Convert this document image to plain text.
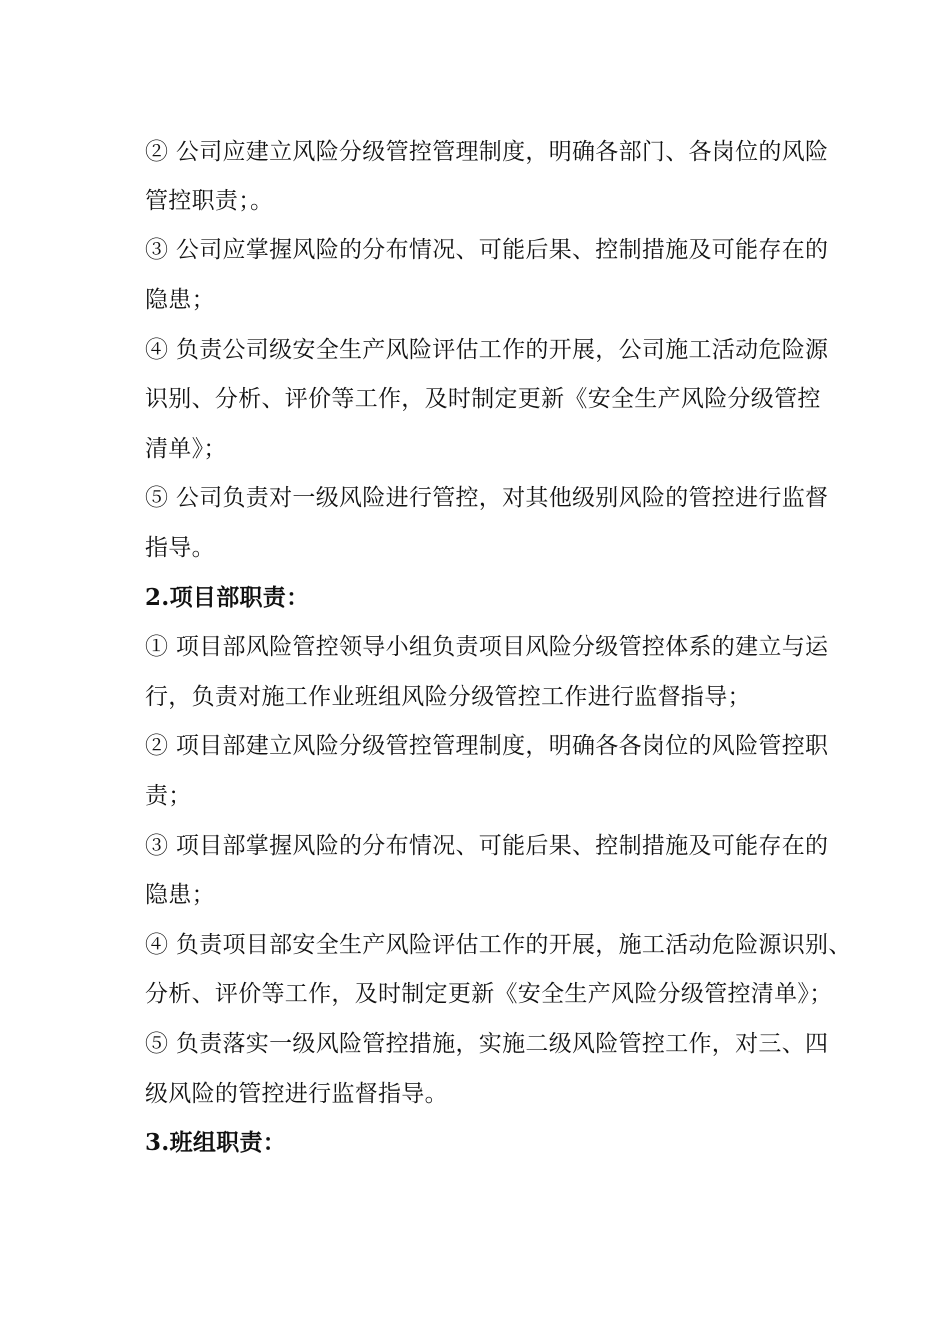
② 公司应建立风险分级管控管理制度，明确各部门、各岗位的风险
管控职责；。
③ 公司应掌握风险的分布情况、可能后果、控制措施及可能存在的
隐患；
④ 负责公司级安全生产风险评估工作的开展，公司施工活动危险源
识别、分析、评价等工作，及时制定更新《安全生产风险分级管控
清单》；
⑤ 公司负责对一级风险进行管控，对其他级别风险的管控进行监督
指导。
2.项目部职责：
① 项目部风险管控领导小组负责项目风险分级管控体系的建立与运
行，负责对施工作业班组风险分级管控工作进行监督指导；
② 项目部建立风险分级管控管理制度，明确各各岗位的风险管控职
责；
③ 项目部掌握风险的分布情况、可能后果、控制措施及可能存在的
隐患；
④ 负责项目部安全生产风险评估工作的开展，施工活动危险源识别、
分析、评价等工作，及时制定更新《安全生产风险分级管控清单》；
⑤ 负责落实一级风险管控措施，实施二级风险管控工作，对三、四
级风险的管控进行监督指导。
3.班组职责：
